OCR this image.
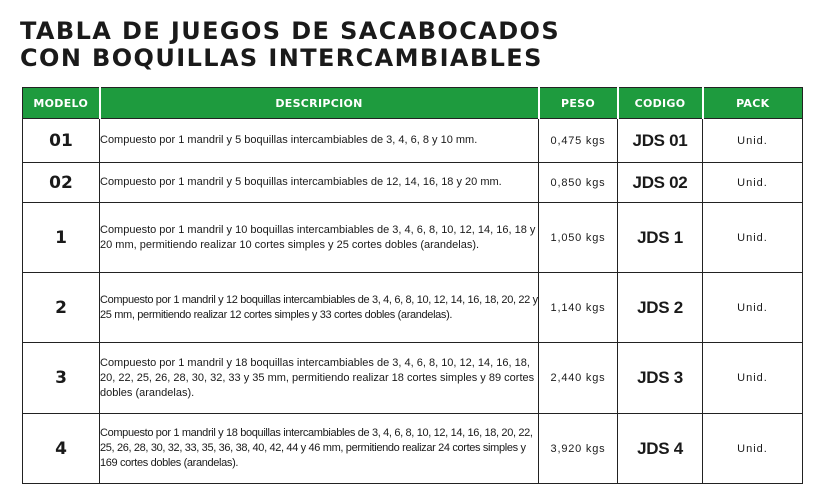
TABLA DE JUEGOS DE SACABOCADOS
CON BOQUILLAS INTERCAMBIABLES
MODELO	DESCRIPCION	PESO	CODIGO	PACK
01	Compuesto por 1 mandril y 5 boquillas intercambiables de 3, 4, 6, 8 y 10 mm.	0,475 kgs	JDS 01	Unid.
02	Compuesto por 1 mandril y 5 boquillas intercambiables de 12, 14, 16, 18 y 20 mm.	0,850 kgs	JDS 02	Unid.
1	Compuesto por 1 mandril y 10 boquillas intercambiables de 3, 4, 6, 8, 10, 12, 14, 16, 18 y 20 mm, permitiendo realizar 10 cortes simples y 25 cortes dobles (arandelas).	1,050 kgs	JDS 1	Unid.
2	Compuesto por 1 mandril y 12 boquillas intercambiables de 3, 4, 6, 8, 10, 12, 14, 16, 18, 20, 22 y 25 mm, permitiendo realizar 12 cortes simples y 33 cortes dobles (arandelas).	1,140 kgs	JDS 2	Unid.
3	Compuesto por 1 mandril y 18 boquillas intercambiables de 3, 4, 6, 8, 10, 12, 14, 16, 18, 20, 22, 25, 26, 28, 30, 32, 33 y 35 mm, permitiendo realizar 18 cortes simples y 89 cortes dobles (arandelas).	2,440 kgs	JDS 3	Unid.
4	Compuesto por 1 mandril y 18 boquillas intercambiables de 3, 4, 6, 8, 10, 12, 14, 16, 18, 20, 22, 25, 26, 28, 30, 32, 33, 35, 36, 38, 40, 42, 44 y 46 mm, permitiendo realizar 24 cortes simples y 169 cortes dobles (arandelas).	3,920 kgs	JDS 4	Unid.
